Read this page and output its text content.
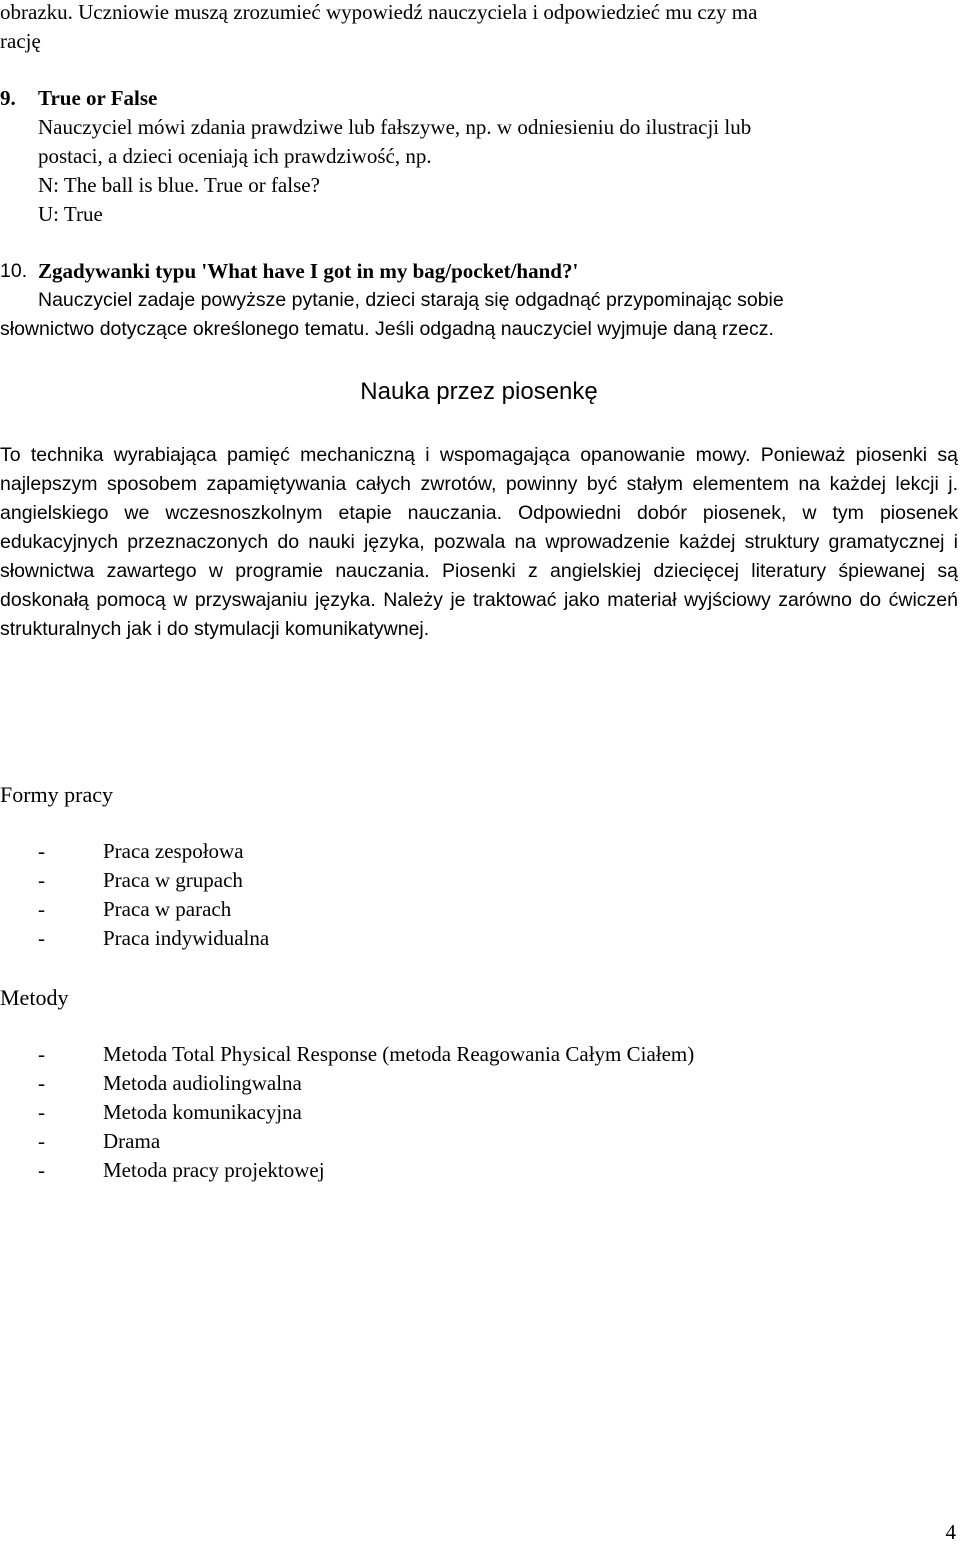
obrazku. Uczniowie muszą zrozumieć wypowiedź nauczyciela i odpowiedzieć mu czy ma

rację

9.	True or False

Nauczyciel mówi zdania prawdziwe lub fałszywe, np. w odniesieniu do ilustracji lub

postaci, a dzieci oceniają ich prawdziwość, np.

N: The ball is blue. True or false?

U: True

10. Zgadywanki typu 'What have I got in my bag/pocket/hand?'

Nauczyciel zadaje powyższe pytanie, dzieci starają się odgadnąć przypominając sobie

słownictwo dotyczące określonego tematu. Jeśli odgadną nauczyciel wyjmuje daną rzecz.

Nauka przez piosenkę

To technika wyrabiająca pamięć mechaniczną i wspomagająca opanowanie mowy. Ponieważ piosenki są najlepszym sposobem zapamiętywania całych zwrotów, powinny być stałym elementem na każdej lekcji j. angielskiego we wczesnoszkolnym etapie nauczania. Odpowiedni dobór piosenek, w tym piosenek edukacyjnych przeznaczonych do nauki języka, pozwala na wprowadzenie każdej struktury gramatycznej i słownictwa zawartego w programie nauczania. Piosenki z angielskiej dziecięcej literatury śpiewanej są doskonałą pomocą w przyswajaniu języka. Należy je traktować jako materiał wyjściowy zarówno do ćwiczeń strukturalnych jak i do stymulacji komunikatywnej.

Formy pracy
-	Praca zespołowa
-	Praca w grupach
-	Praca w parach
-	Praca indywidualna
Metody
-	Metoda Total Physical Response (metoda Reagowania Całym Ciałem)
-	Metoda audiolingwalna
-	Metoda komunikacyjna
-	Drama
-	Metoda pracy projektowej
4
